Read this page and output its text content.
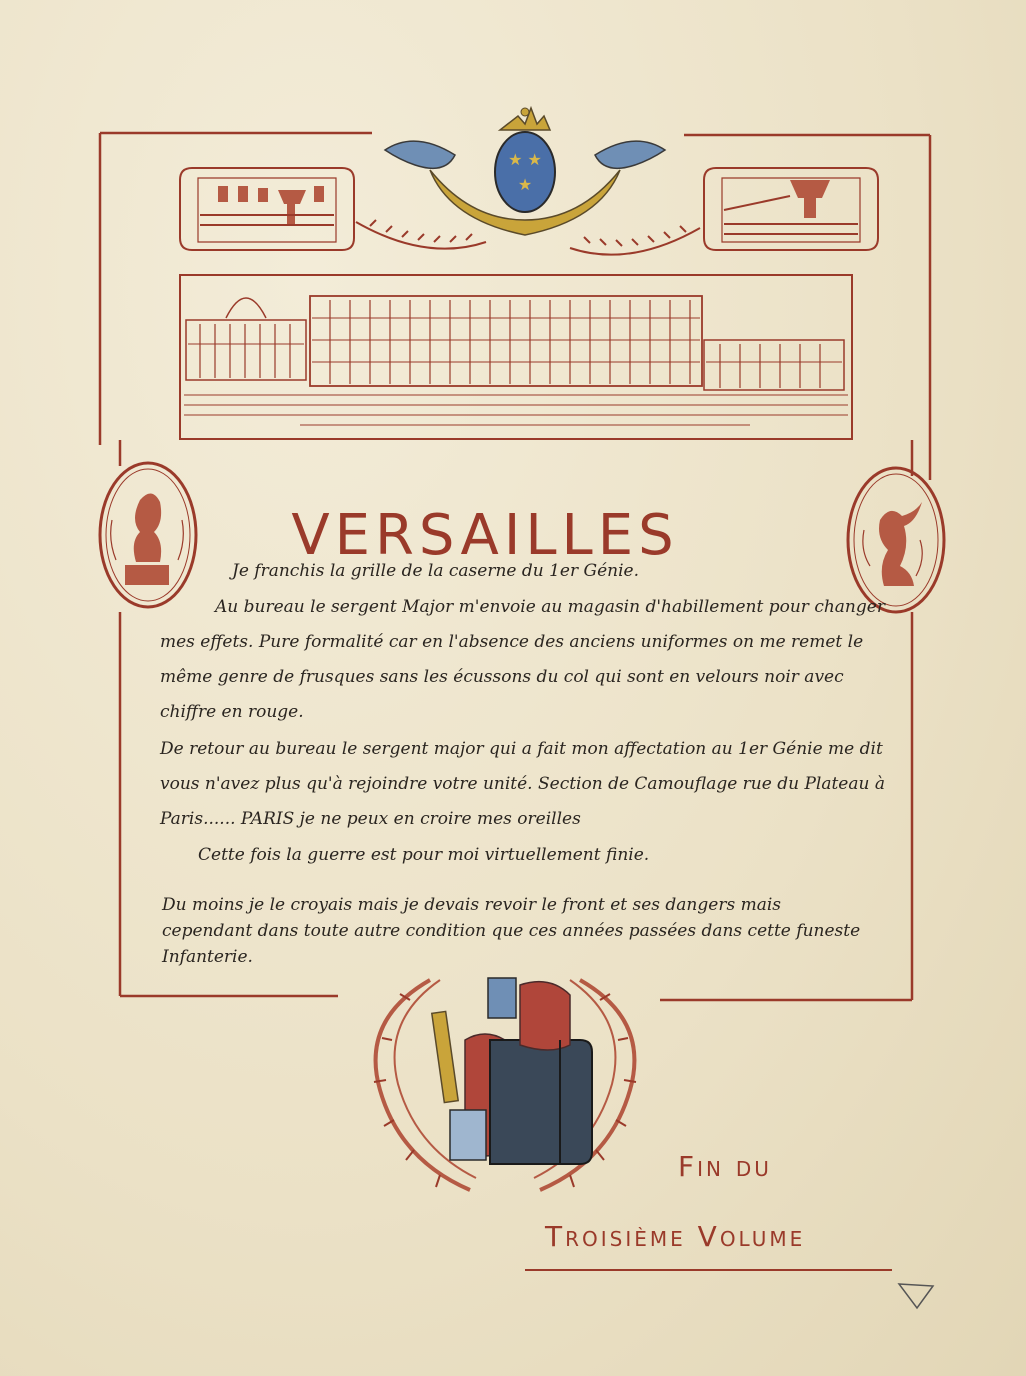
★ ★
★
VERSAILLES

Je franchis la grille de la caserne du 1er Génie.

Au bureau le sergent Major m'envoie au magasin d'habillement pour changer mes effets. Pure formalité car en l'absence des anciens uniformes on me remet le même genre de frusques sans les écussons du col qui sont en velours noir avec chiffre en rouge.

De retour au bureau le sergent major qui a fait mon affectation au 1er Génie me dit vous n'avez plus qu'à rejoindre votre unité. Section de Camouflage rue du Plateau à Paris...... PARIS je ne peux en croire mes oreilles

Cette fois la guerre est pour moi virtuellement finie.

Du moins je le croyais mais je devais revoir le front et ses dangers mais cependant dans toute autre condition que ces années passées dans cette funeste Infanterie.

Fin du
Troisième Volume
